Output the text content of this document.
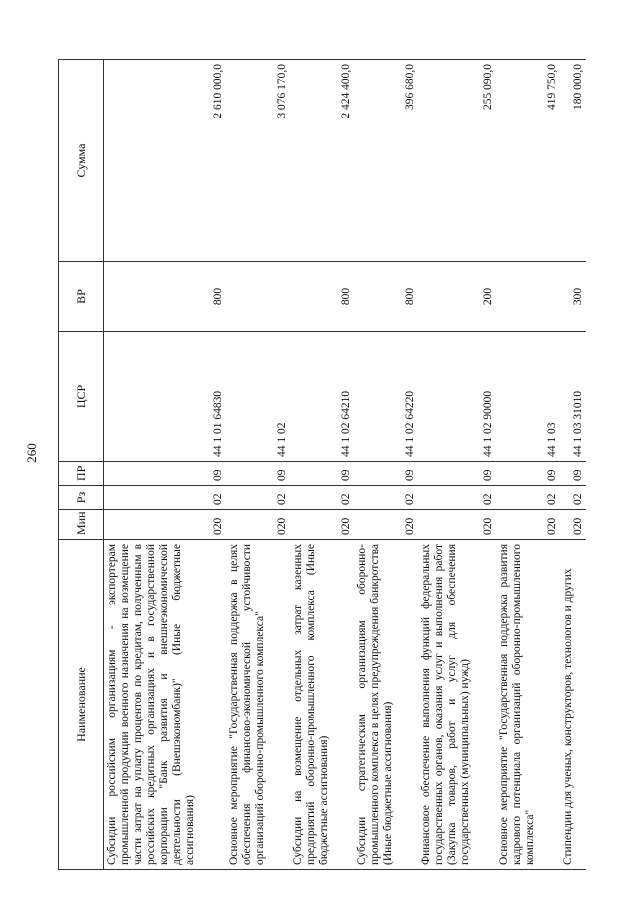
260
Наименование	Мин	Рз	ПР	ЦСР	ВР	Сумма
Субсидии российским организациям - экспортерам промышленной продукции военного назначения на возмещение части затрат на уплату процентов по кредитам, полученным в российских кредитных организациях и в государственной корпорации "Банк развития и внешнеэкономической деятельности (Внешэкономбанк)" (Иные бюджетные ассигнования)	020	02	09	44 1 01 64830	800	2 610 000,0
Основное мероприятие "Государственная поддержка в целях обеспечения финансово-экономической устойчивости организаций оборонно-промышленного комплекса"	020	02	09	44 1 02		3 076 170,0
Субсидии на возмещение отдельных затрат казенных предприятий оборонно-промышленного комплекса (Иные бюджетные ассигнования)	020	02	09	44 1 02 64210	800	2 424 400,0
Субсидии стратегическим организациям оборонно-промышленного комплекса в целях предупреждения банкротства (Иные бюджетные ассигнования)	020	02	09	44 1 02 64220	800	396 680,0
Финансовое обеспечение выполнения функций федеральных государственных органов, оказания услуг и выполнения работ (Закупка товаров, работ и услуг для обеспечения государственных (муниципальных) нужд)	020	02	09	44 1 02 90000	200	255 090,0
Основное мероприятие "Государственная поддержка развития кадрового потенциала организаций оборонно-промышленного комплекса"	020	02	09	44 1 03		419 750,0
Стипендии для ученых, конструкторов, технологов и других	020	02	09	44 1 03 31010	300	180 000,0
